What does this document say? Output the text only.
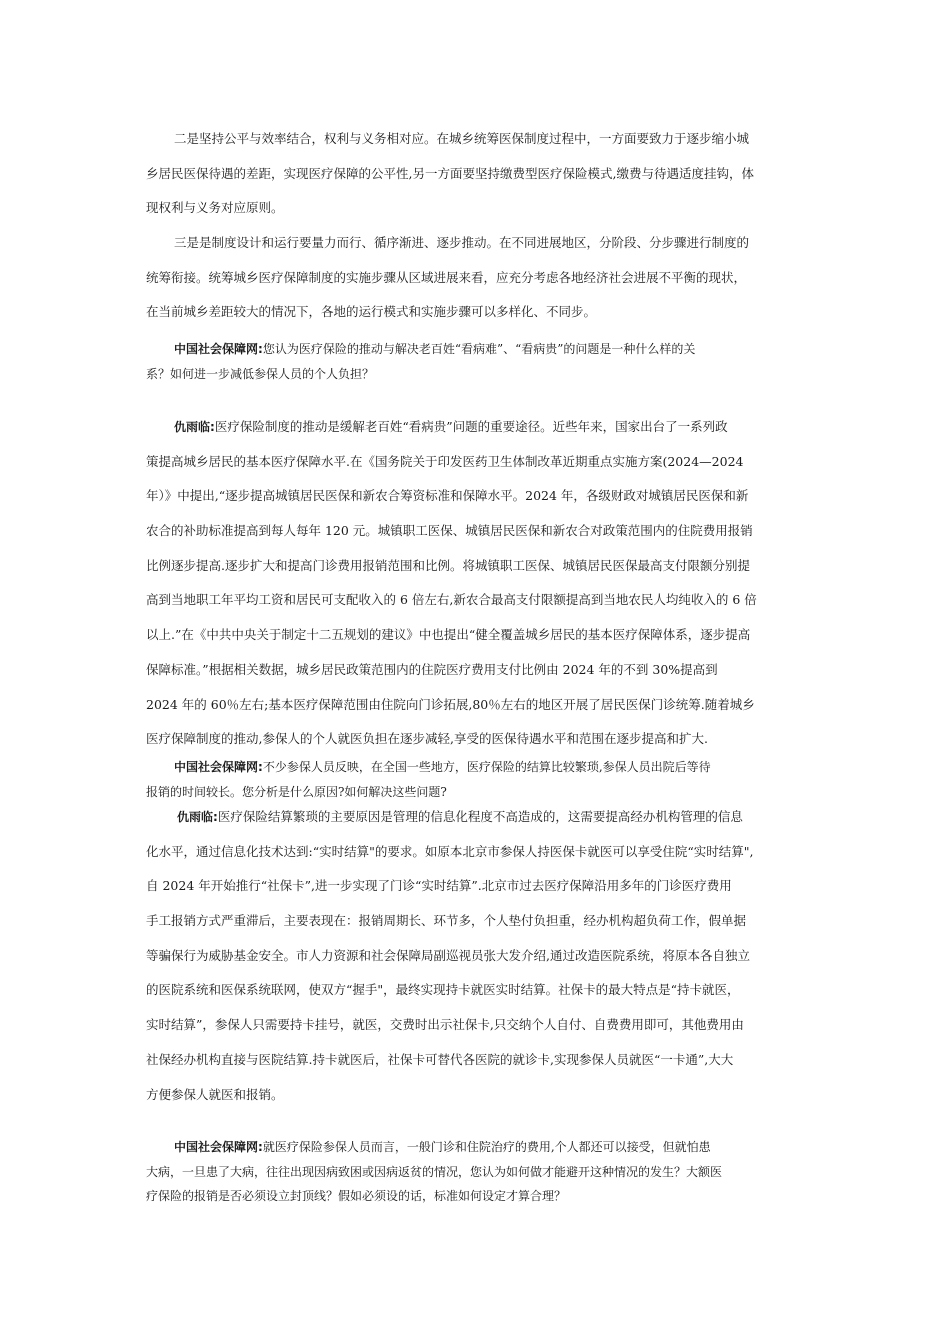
二是坚持公平与效率结合，权利与义务相对应。在城乡统筹医保制度过程中，一方面要致力于逐步缩小城
乡居民医保待遇的差距，实现医疗保障的公平性,另一方面要坚持缴费型医疗保险模式,缴费与待遇适度挂钩，体
现权利与义务对应原则。
三是是制度设计和运行要量力而行、循序渐进、逐步推动。在不同进展地区，分阶段、分步骤进行制度的
统筹衔接。统筹城乡医疗保障制度的实施步骤从区域进展来看，应充分考虑各地经济社会进展不平衡的现状，
在当前城乡差距较大的情况下，各地的运行模式和实施步骤可以多样化、不同步。
中国社会保障网:您认为医疗保险的推动与解决老百姓“看病难”、“看病贵”的问题是一种什么样的关
系？如何进一步减低参保人员的个人负担？
仇雨临:医疗保险制度的推动是缓解老百姓“看病贵”问题的重要途径。近些年来，国家出台了一系列政
策提高城乡居民的基本医疗保障水平.在《国务院关于印发医药卫生体制改革近期重点实施方案(2024—2024
年）》中提出,“逐步提高城镇居民医保和新农合筹资标准和保障水平。2024 年，各级财政对城镇居民医保和新
农合的补助标准提高到每人每年 120 元。城镇职工医保、城镇居民医保和新农合对政策范围内的住院费用报销
比例逐步提高.逐步扩大和提高门诊费用报销范围和比例。将城镇职工医保、城镇居民医保最高支付限额分别提
高到当地职工年平均工资和居民可支配收入的 6 倍左右,新农合最高支付限额提高到当地农民人均纯收入的 6 倍
以上.”在《中共中央关于制定十二五规划的建议》中也提出“健全覆盖城乡居民的基本医疗保障体系，逐步提高
保障标准。”根据相关数据，城乡居民政策范围内的住院医疗费用支付比例由 2024 年的不到 30%提高到
2024 年的 60％左右;基本医疗保障范围由住院向门诊拓展,80％左右的地区开展了居民医保门诊统筹.随着城乡
医疗保障制度的推动,参保人的个人就医负担在逐步减轻,享受的医保待遇水平和范围在逐步提高和扩大.
中国社会保障网:不少参保人员反映，在全国一些地方，医疗保险的结算比较繁琐,参保人员出院后等待
报销的时间较长。您分析是什么原因?如何解决这些问题?
仇雨临:医疗保险结算繁琐的主要原因是管理的信息化程度不高造成的，这需要提高经办机构管理的信息
化水平，通过信息化技术达到:“实时结算"的要求。如原本北京市参保人持医保卡就医可以享受住院“实时结算",
自 2024 年开始推行“社保卡”,进一步实现了门诊“实时结算”.北京市过去医疗保障沿用多年的门诊医疗费用
手工报销方式严重滞后，主要表现在：报销周期长、环节多，个人垫付负担重，经办机构超负荷工作，假单据
等骗保行为威胁基金安全。市人力资源和社会保障局副巡视员张大发介绍,通过改造医院系统，将原本各自独立
的医院系统和医保系统联网，使双方“握手"，最终实现持卡就医实时结算。社保卡的最大特点是“持卡就医，
实时结算”，参保人只需要持卡挂号，就医，交费时出示社保卡,只交纳个人自付、自费费用即可，其他费用由
社保经办机构直接与医院结算.持卡就医后，社保卡可替代各医院的就诊卡,实现参保人员就医“一卡通”,大大
方便参保人就医和报销。
中国社会保障网:就医疗保险参保人员而言，一般门诊和住院治疗的费用,个人都还可以接受，但就怕患
大病，一旦患了大病，往往出现因病致困或因病返贫的情况，您认为如何做才能避开这种情况的发生？大额医
疗保险的报销是否必须设立封顶线？假如必须设的话，标准如何设定才算合理？
